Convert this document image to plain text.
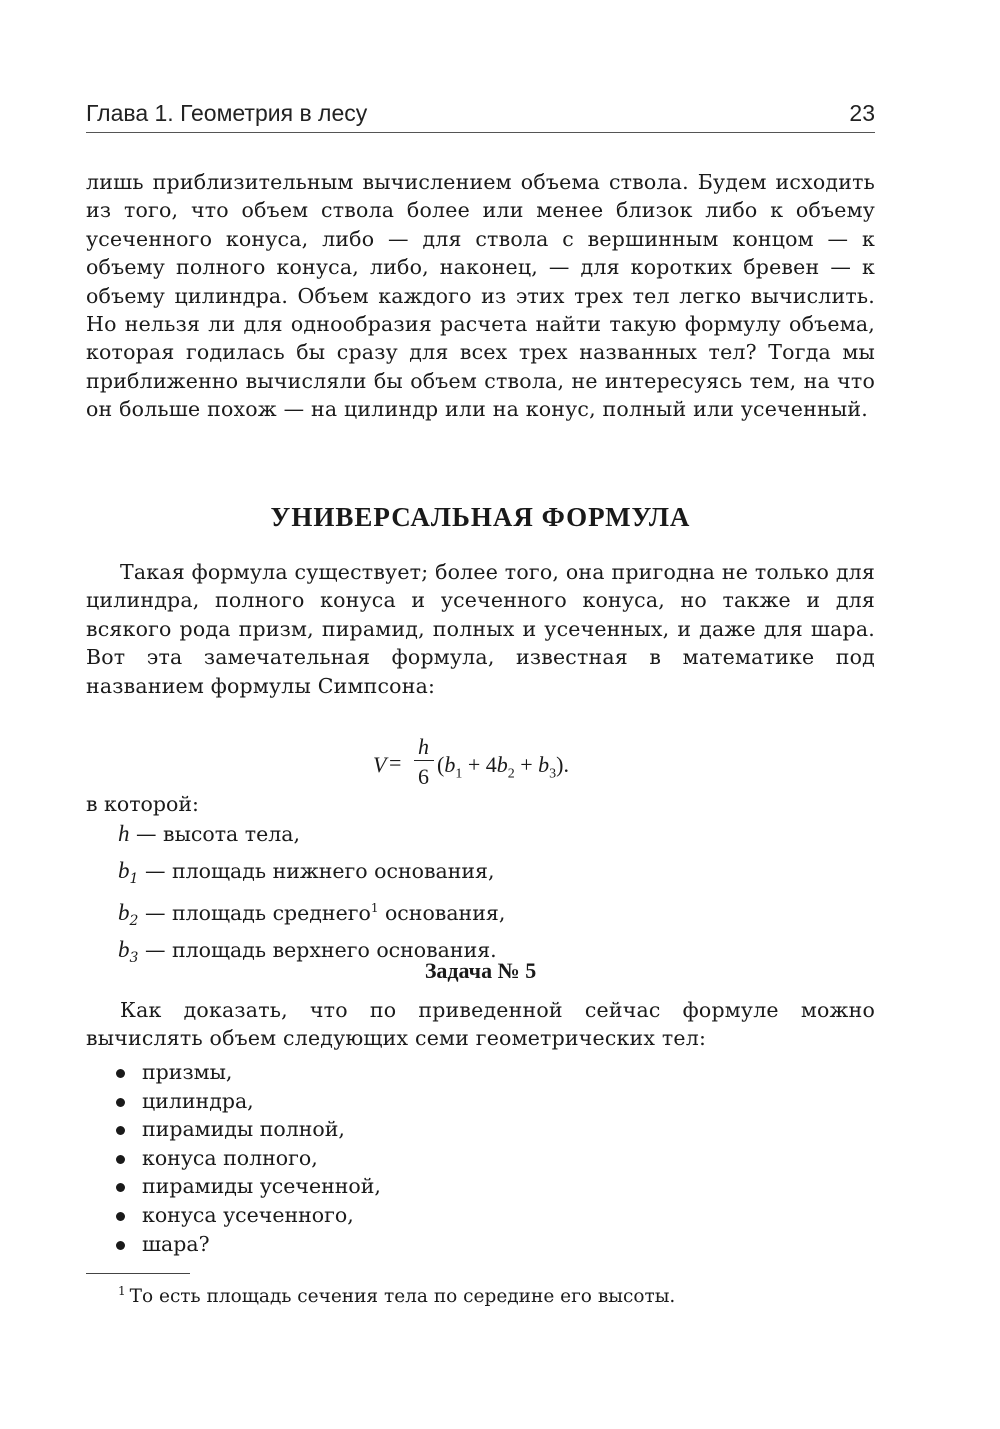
Глава 1. Геометрия в лесу	23

лишь приблизительным вычислением объема ствола. Будем исходить из того, что объем ствола более или менее близок либо к объему усеченного конуса, либо — для ствола с вершинным концом — к объему полного конуса, либо, наконец, — для коротких бревен — к объему цилиндра. Объем каждого из этих трех тел легко вычислить. Но нельзя ли для однообразия расчета найти такую формулу объема, которая годилась бы сразу для всех трех названных тел? Тогда мы приближенно вычисляли бы объем ствола, не интересуясь тем, на что он больше похож — на цилиндр или на конус, полный или усеченный.

УНИВЕРСАЛЬНАЯ ФОРМУЛА

Такая формула существует; более того, она пригодна не только для цилиндра, полного конуса и усеченного конуса, но также и для всякого рода призм, пирамид, полных и усеченных, и даже для шара. Вот эта замечательная формула, известная в математике под названием формулы Симпсона:

V =
h
6 $(b_1 + 4b_2 + b_3)$.

в которой:

h — высота тела,
$b_1$ — площадь нижнего основания,
$b_2$ — площадь среднего$^1$ основания,
$b_3$ — площадь верхнего основания.
Задача № 5

Как доказать, что по приведенной сейчас формуле можно вычислять объем следующих семи геометрических тел:

призмы,
цилиндра,
пирамиды полной,
конуса полного,
пирамиды усеченной,
конуса усеченного,
шара?

$^1$ То есть площадь сечения тела по середине его высоты.
